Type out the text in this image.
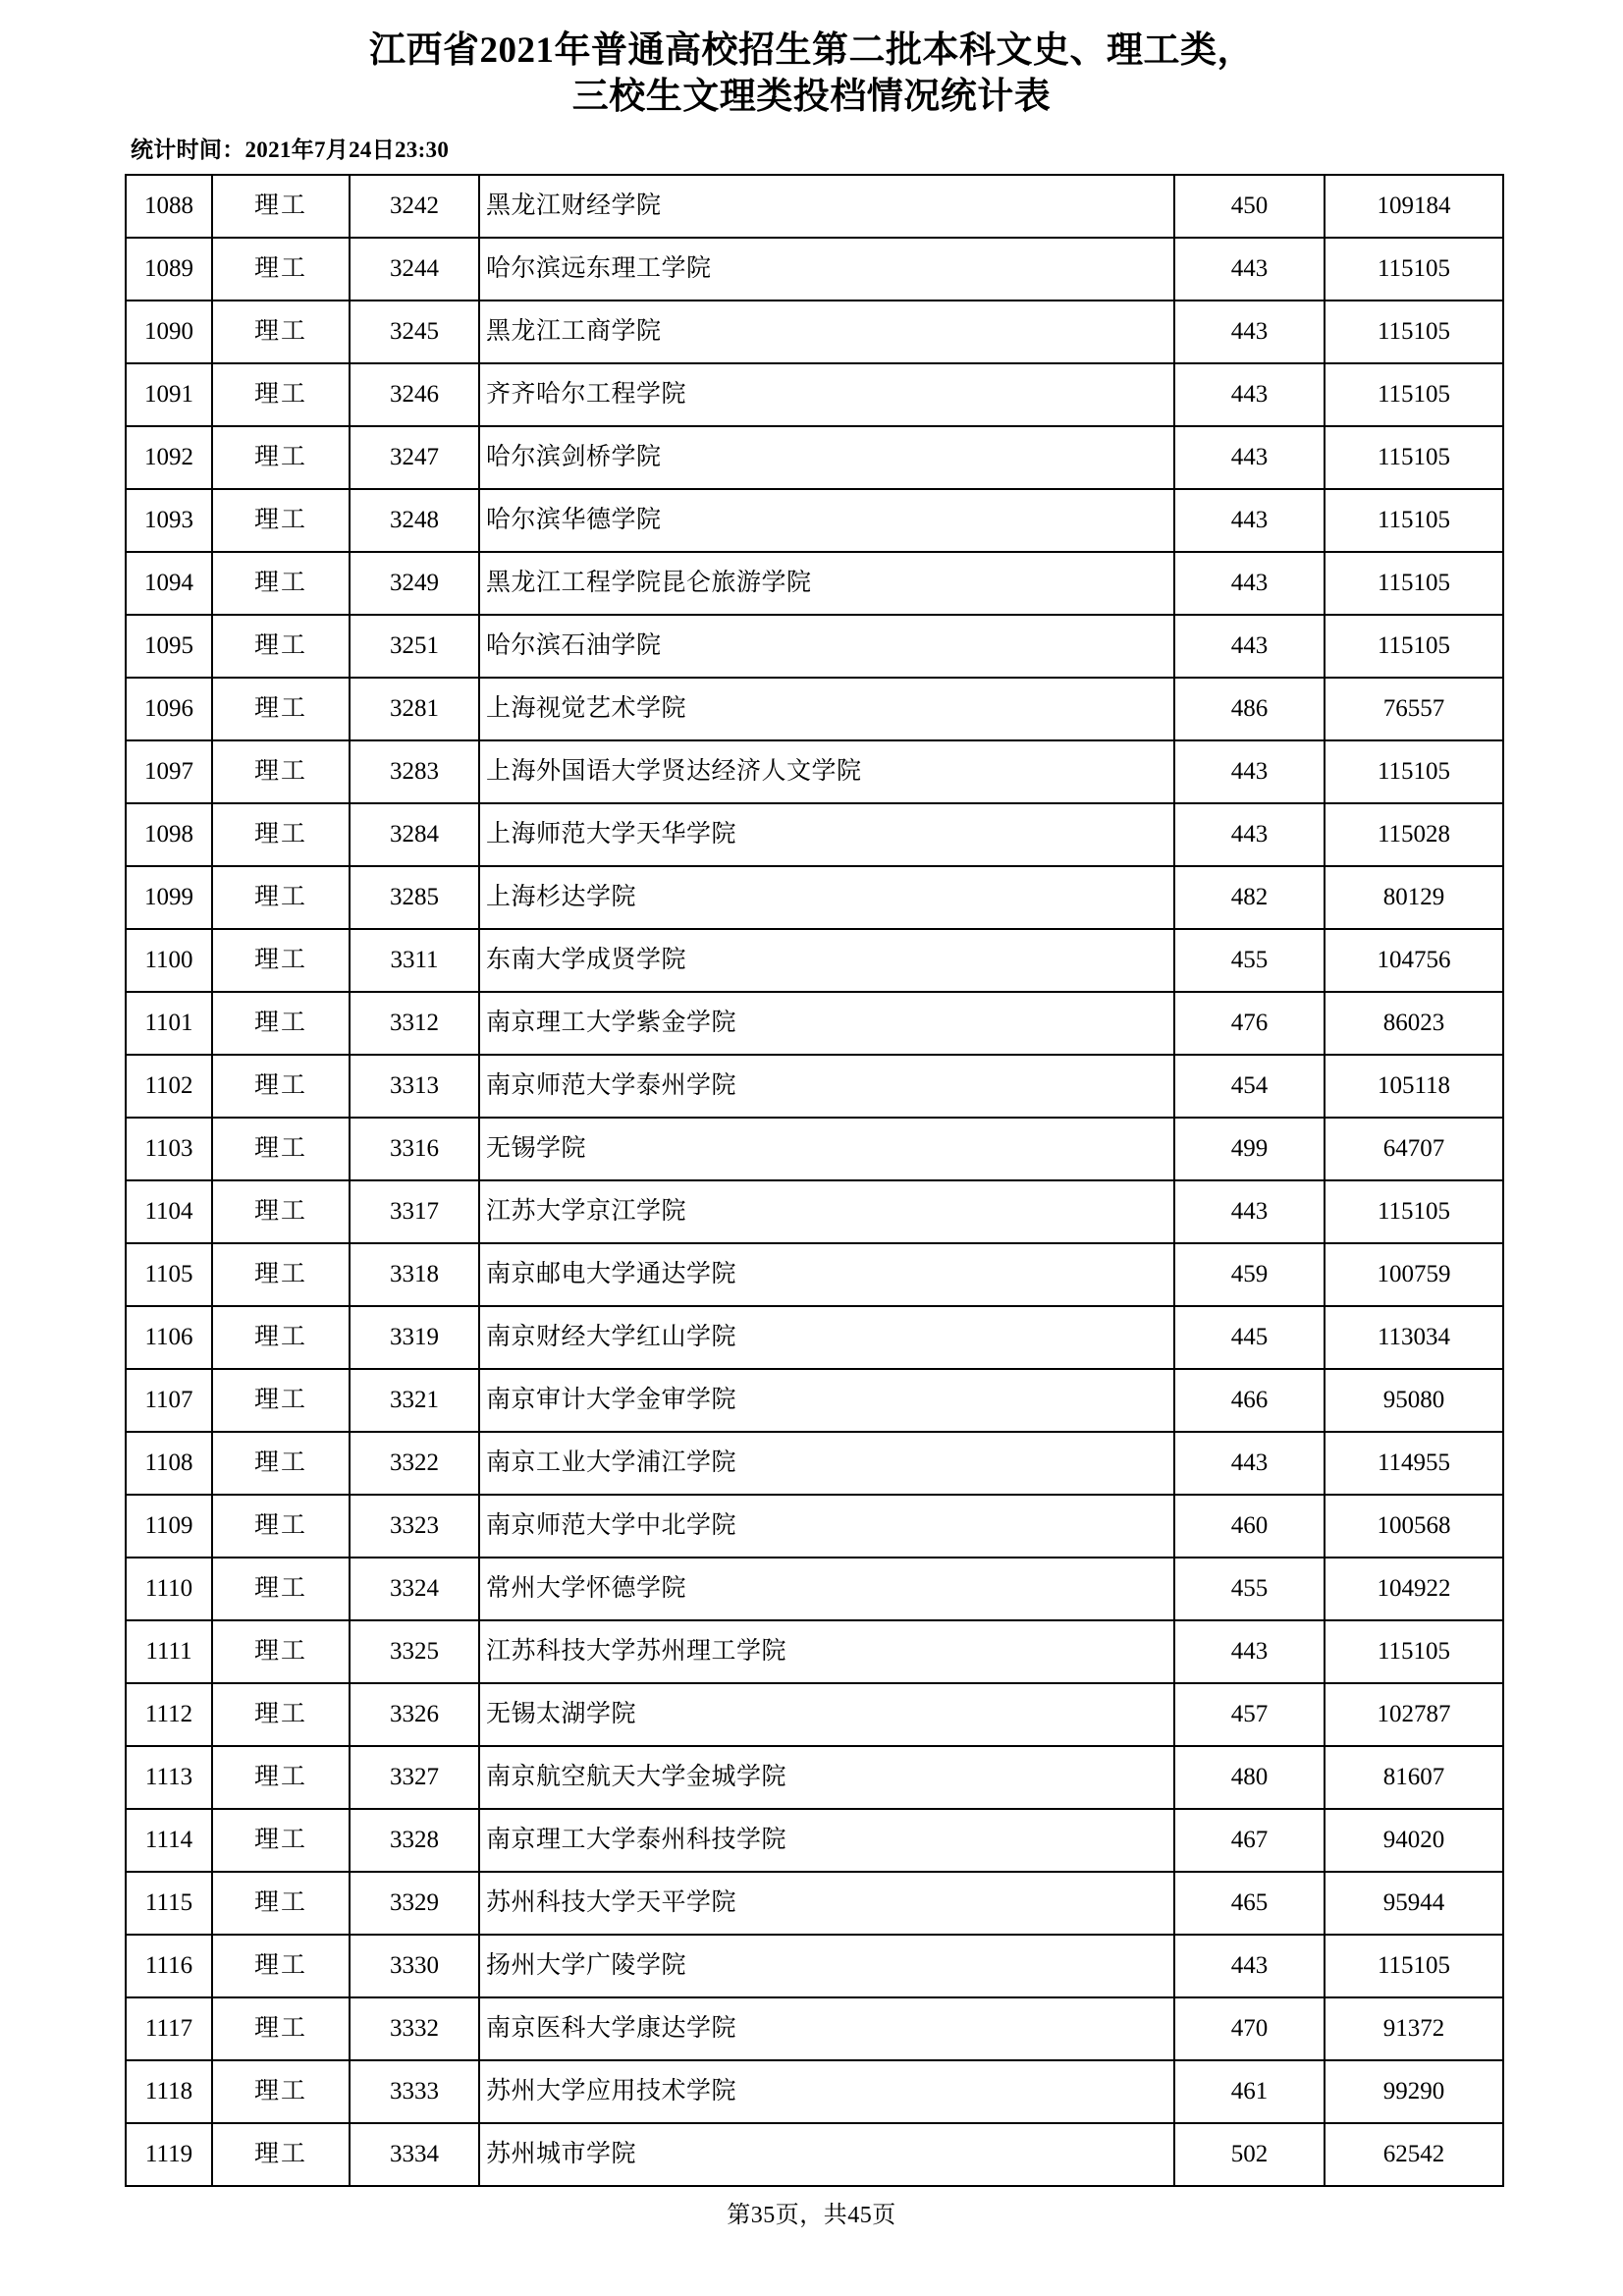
江西省2021年普通高校招生第二批本科文史、理工类，
三校生文理类投档情况统计表
统计时间：2021年7月24日23:30
1088	理工	3242	黑龙江财经学院	450	109184
1089	理工	3244	哈尔滨远东理工学院	443	115105
1090	理工	3245	黑龙江工商学院	443	115105
1091	理工	3246	齐齐哈尔工程学院	443	115105
1092	理工	3247	哈尔滨剑桥学院	443	115105
1093	理工	3248	哈尔滨华德学院	443	115105
1094	理工	3249	黑龙江工程学院昆仑旅游学院	443	115105
1095	理工	3251	哈尔滨石油学院	443	115105
1096	理工	3281	上海视觉艺术学院	486	76557
1097	理工	3283	上海外国语大学贤达经济人文学院	443	115105
1098	理工	3284	上海师范大学天华学院	443	115028
1099	理工	3285	上海杉达学院	482	80129
1100	理工	3311	东南大学成贤学院	455	104756
1101	理工	3312	南京理工大学紫金学院	476	86023
1102	理工	3313	南京师范大学泰州学院	454	105118
1103	理工	3316	无锡学院	499	64707
1104	理工	3317	江苏大学京江学院	443	115105
1105	理工	3318	南京邮电大学通达学院	459	100759
1106	理工	3319	南京财经大学红山学院	445	113034
1107	理工	3321	南京审计大学金审学院	466	95080
1108	理工	3322	南京工业大学浦江学院	443	114955
1109	理工	3323	南京师范大学中北学院	460	100568
1110	理工	3324	常州大学怀德学院	455	104922
1111	理工	3325	江苏科技大学苏州理工学院	443	115105
1112	理工	3326	无锡太湖学院	457	102787
1113	理工	3327	南京航空航天大学金城学院	480	81607
1114	理工	3328	南京理工大学泰州科技学院	467	94020
1115	理工	3329	苏州科技大学天平学院	465	95944
1116	理工	3330	扬州大学广陵学院	443	115105
1117	理工	3332	南京医科大学康达学院	470	91372
1118	理工	3333	苏州大学应用技术学院	461	99290
1119	理工	3334	苏州城市学院	502	62542
第35页，共45页
